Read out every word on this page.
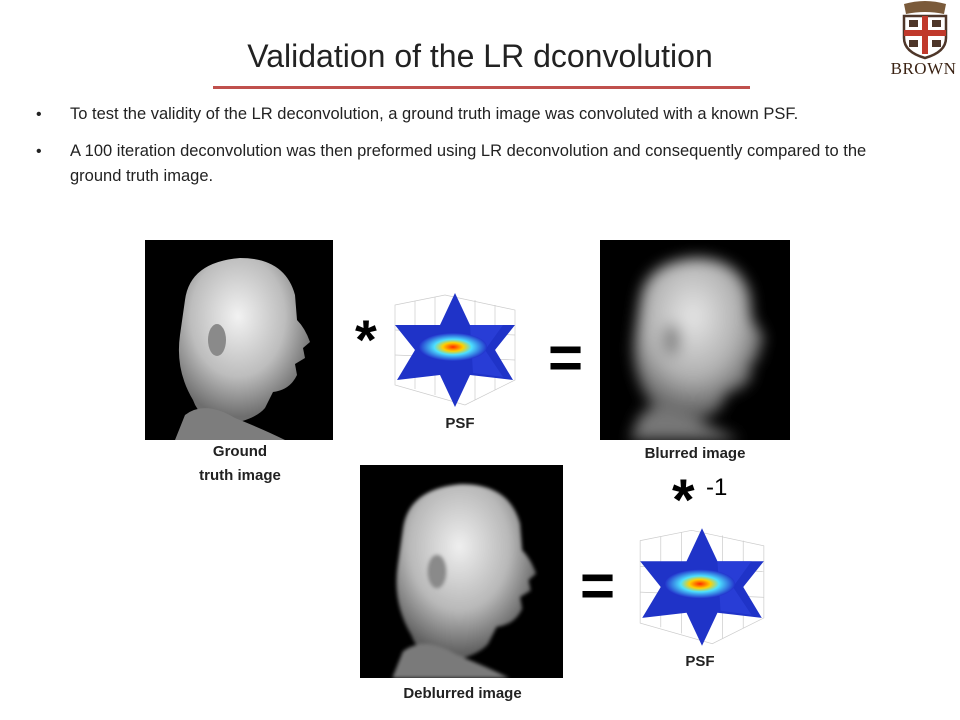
Validation of the LR dconvolution	BROWN
• To test the validity of the LR deconvolution, a ground truth image was convoluted with a known PSF.
• A 100 iteration deconvolution was then preformed using LR deconvolution and consequently compared to the ground truth image.
Ground
truth image
*
PSF
=
Blurred image
* -1
Deblurred image
=
PSF
